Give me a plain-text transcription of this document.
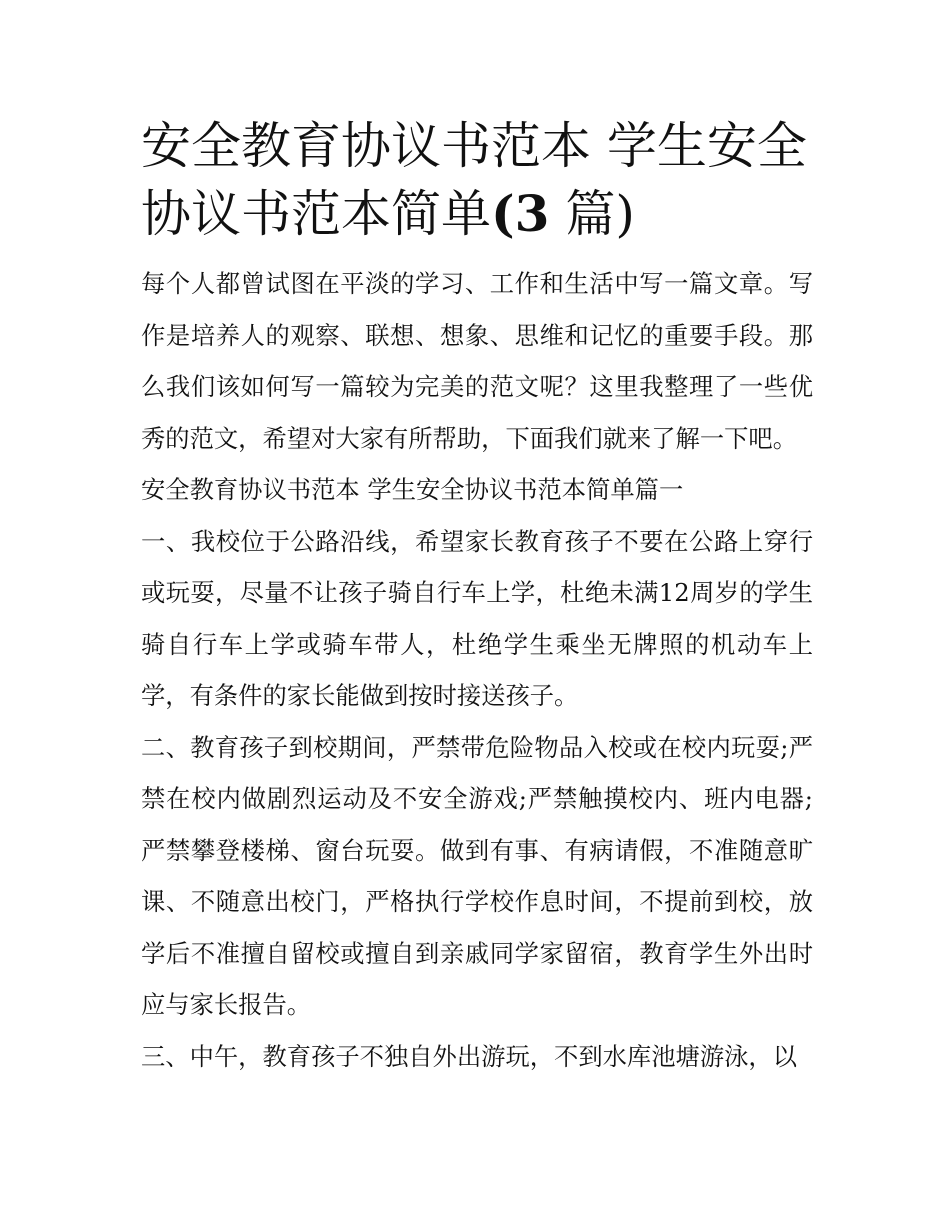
安全教育协议书范本 学生安全协议书范本简单(3 篇)

每个人都曾试图在平淡的学习、工作和生活中写一篇文章。写作是培养人的观察、联想、想象、思维和记忆的重要手段。那么我们该如何写一篇较为完美的范文呢？这里我整理了一些优秀的范文，希望对大家有所帮助，下面我们就来了解一下吧。

安全教育协议书范本 学生安全协议书范本简单篇一

一、我校位于公路沿线，希望家长教育孩子不要在公路上穿行或玩耍，尽量不让孩子骑自行车上学，杜绝未满12周岁的学生骑自行车上学或骑车带人，杜绝学生乘坐无牌照的机动车上学，有条件的家长能做到按时接送孩子。

二、教育孩子到校期间，严禁带危险物品入校或在校内玩耍;严禁在校内做剧烈运动及不安全游戏;严禁触摸校内、班内电器;严禁攀登楼梯、窗台玩耍。做到有事、有病请假，不准随意旷课、不随意出校门，严格执行学校作息时间，不提前到校，放学后不准擅自留校或擅自到亲戚同学家留宿，教育学生外出时应与家长报告。

三、中午，教育孩子不独自外出游玩，不到水库池塘游泳，以
